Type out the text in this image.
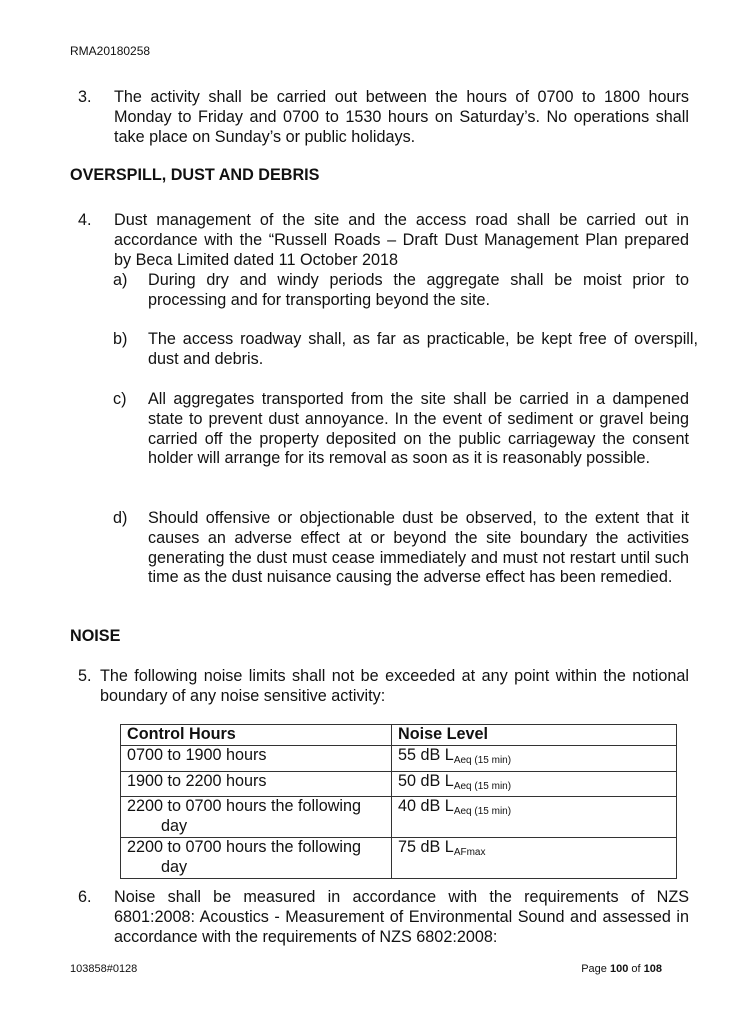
RMA20180258
3.	The activity shall be carried out between the hours of 0700 to 1800 hours Monday to Friday and 0700 to 1530 hours on Saturday’s. No operations shall take place on Sunday’s or public holidays.
OVERSPILL, DUST AND DEBRIS
4.	Dust management of the site and the access road shall be carried out in accordance with the “Russell Roads – Draft Dust Management Plan prepared by Beca Limited dated 11 October 2018
a)	During dry and windy periods the aggregate shall be moist prior to processing and for transporting beyond the site.
b)	The access roadway shall, as far as practicable, be kept free of overspill, dust and debris.
c)	All aggregates transported from the site shall be carried in a dampened state to prevent dust annoyance. In the event of sediment or gravel being carried off the property deposited on the public carriageway the consent holder will arrange for its removal as soon as it is reasonably possible.
d)	Should offensive or objectionable dust be observed, to the extent that it causes an adverse effect at or beyond the site boundary the activities generating the dust must cease immediately and must not restart until such time as the dust nuisance causing the adverse effect has been remedied.
NOISE
5. The following noise limits shall not be exceeded at any point within the notional boundary of any noise sensitive activity:
Control Hours	Noise Level
0700 to 1900 hours	55 dB $L_{Aeq (15 min)}$
1900 to 2200 hours	50 dB $L_{Aeq (15 min)}$
2200 to 0700 hours the following
day	40 dB $L_{Aeq (15 min)}$
2200 to 0700 hours the following
day	75 dB $L_{AFmax}$
6.	Noise shall be measured in accordance with the requirements of NZS 6801:2008: Acoustics - Measurement of Environmental Sound and assessed in accordance with the requirements of NZS 6802:2008:
103858#0128	Page 100 of 108
